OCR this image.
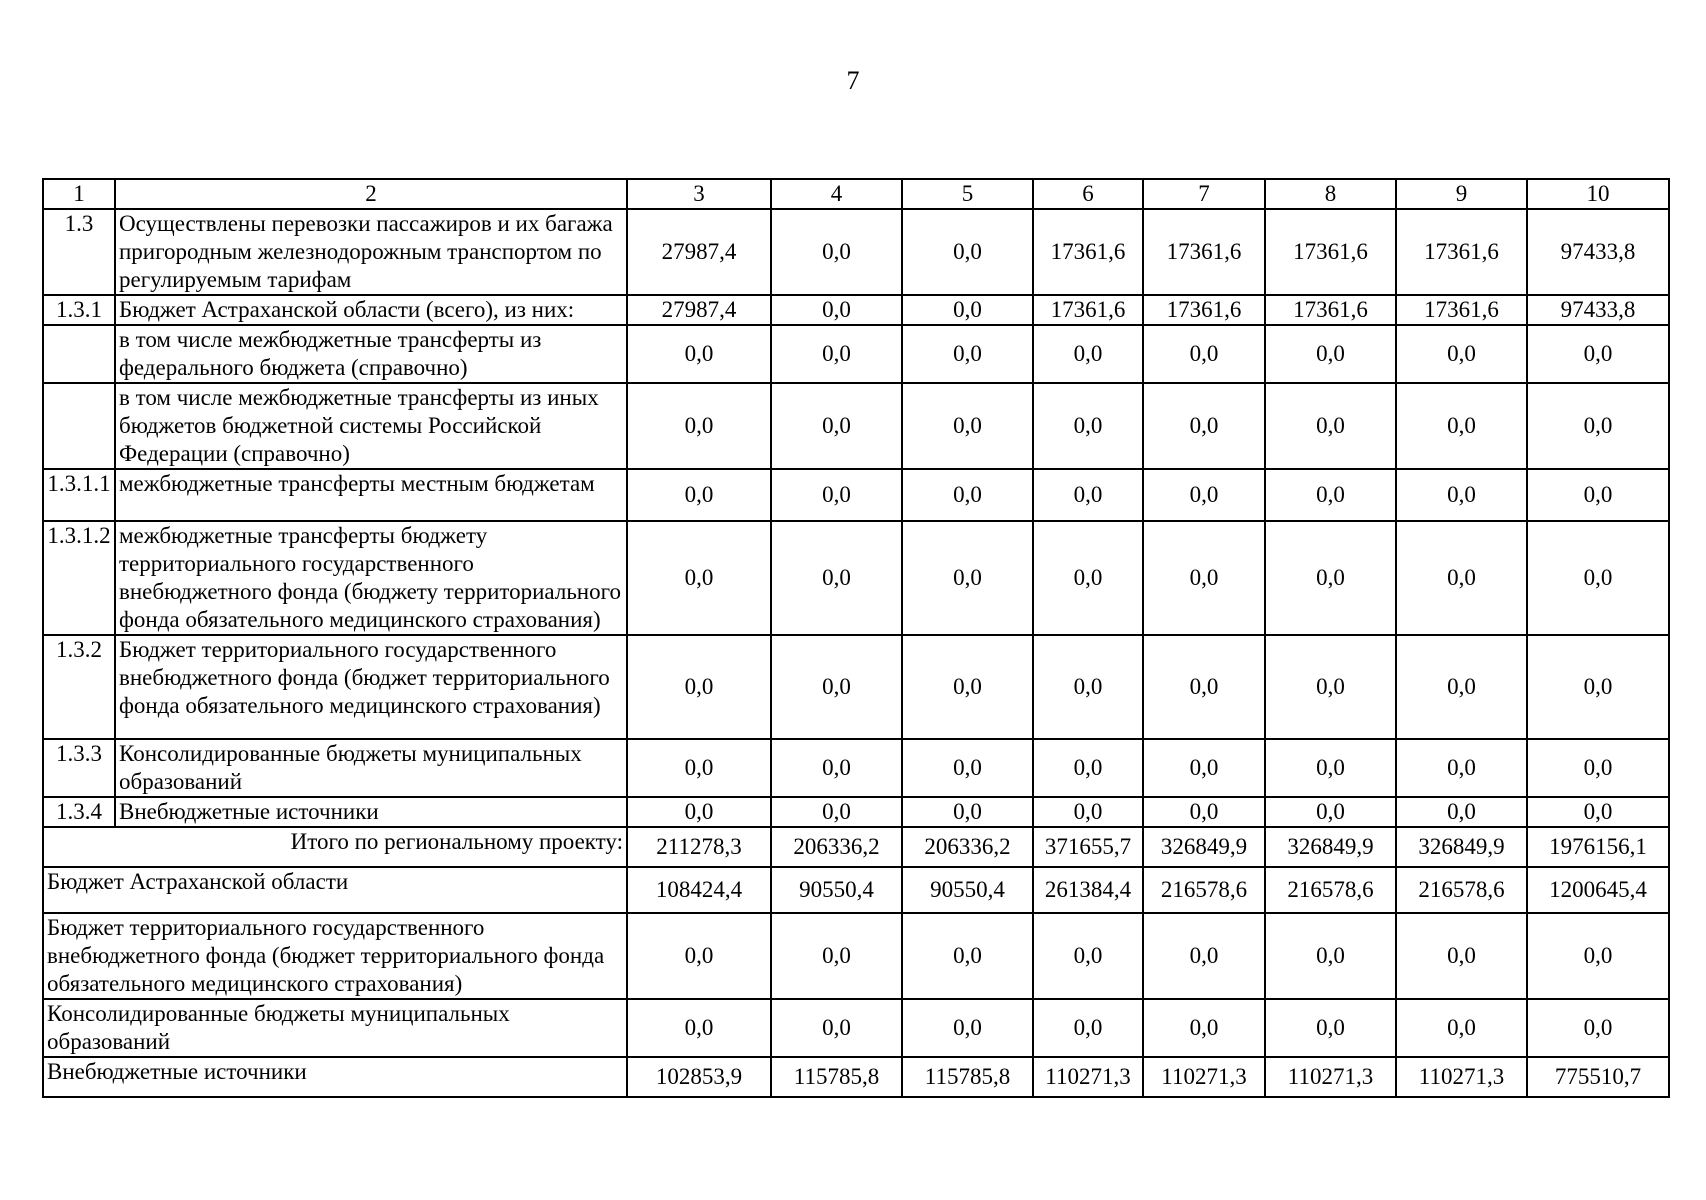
7
1	2	3	4	5	6	7	8	9	10
1.3	Осуществлены перевозки пассажиров и их багажа пригородным железнодорожным транспортом по регулируемым тарифам	27987,4	0,0	0,0	17361,6	17361,6	17361,6	17361,6	97433,8
1.3.1	Бюджет Астраханской области (всего), из них:	27987,4	0,0	0,0	17361,6	17361,6	17361,6	17361,6	97433,8
	в том числе межбюджетные трансферты из федерального бюджета (справочно)	0,0	0,0	0,0	0,0	0,0	0,0	0,0	0,0
	в том числе межбюджетные трансферты из иных бюджетов бюджетной системы Российской Федерации (справочно)	0,0	0,0	0,0	0,0	0,0	0,0	0,0	0,0
1.3.1.1	межбюджетные трансферты местным бюджетам	0,0	0,0	0,0	0,0	0,0	0,0	0,0	0,0
1.3.1.2	межбюджетные трансферты бюджету территориального государственного внебюджетного фонда (бюджету территориального фонда обязательного медицинского страхования)	0,0	0,0	0,0	0,0	0,0	0,0	0,0	0,0
1.3.2	Бюджет территориального государственного внебюджетного фонда (бюджет территориального фонда обязательного медицинского страхования)	0,0	0,0	0,0	0,0	0,0	0,0	0,0	0,0
1.3.3	Консолидированные бюджеты муниципальных образований	0,0	0,0	0,0	0,0	0,0	0,0	0,0	0,0
1.3.4	Внебюджетные источники	0,0	0,0	0,0	0,0	0,0	0,0	0,0	0,0
Итого по региональному проекту:		211278,3	206336,2	206336,2	371655,7	326849,9	326849,9	326849,9	1976156,1
Бюджет Астраханской области		108424,4	90550,4	90550,4	261384,4	216578,6	216578,6	216578,6	1200645,4
Бюджет территориального государственного внебюджетного фонда (бюджет территориального фонда обязательного медицинского страхования)		0,0	0,0	0,0	0,0	0,0	0,0	0,0	0,0
Консолидированные бюджеты муниципальных образований		0,0	0,0	0,0	0,0	0,0	0,0	0,0	0,0
Внебюджетные источники		102853,9	115785,8	115785,8	110271,3	110271,3	110271,3	110271,3	775510,7
